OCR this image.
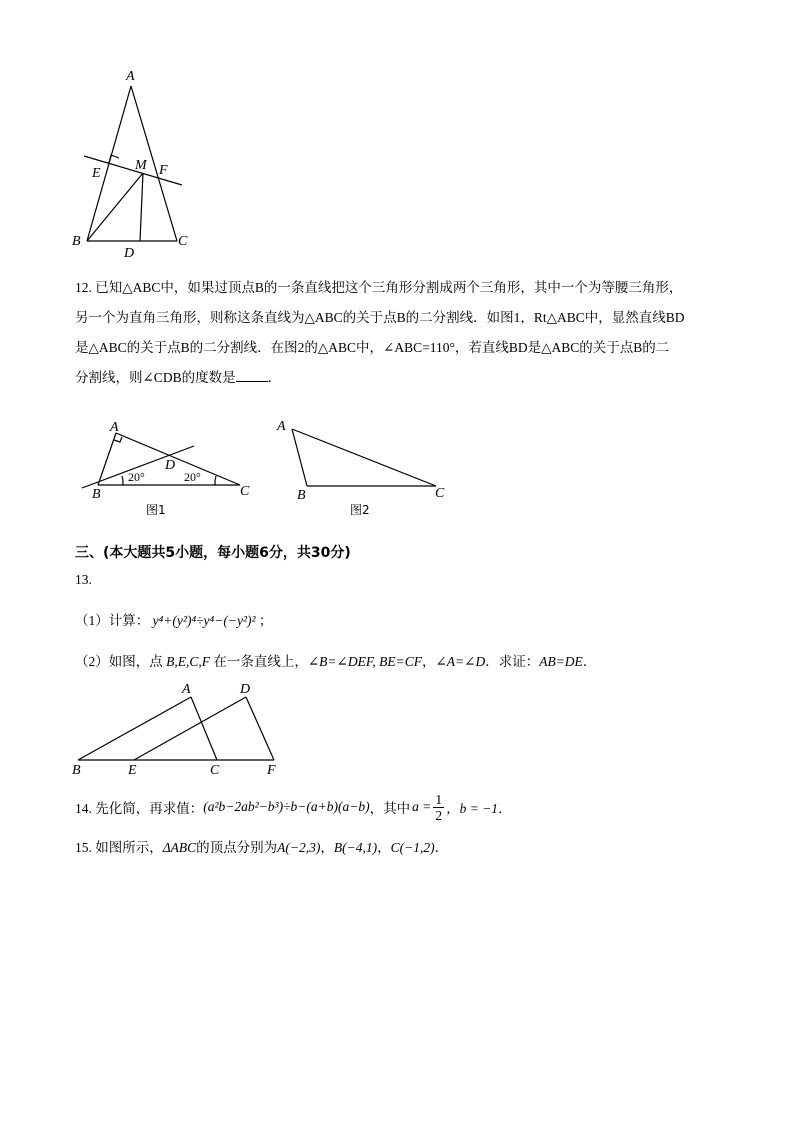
A
E
M F
B
D
C
12. 已知△ABC中，如果过顶点B的一条直线把这个三角形分割成两个三角形，其中一个为等腰三角形，
另一个为直角三角形，则称这条直线为△ABC的关于点B的二分割线．如图1，Rt△ABC中，显然直线BD
是△ABC的关于点B的二分割线．在图2的△ABC中，∠ABC=110°，若直线BD是△ABC的关于点B的二
分割线，则∠CDB的度数是 ．
A
D
B	C
20°	20°
图1
A
B	C
图2
三、(本大题共5小题，每小题6分，共30分)
13.
（1）计算： y⁴+(y²)⁴÷y⁴−(−y²)² ；
（2）如图，点 B,E,C,F 在一条直线上，∠B=∠DEF, BE=CF，∠A=∠D．求证：AB=DE．
A	D
B	E	C	F
14. 先化简，再求值： (a²b−2ab²−b³)÷b−(a+b)(a−b) ，其中 $a = \frac{1}{2}$ ，b = −1．
15. 如图所示，ΔABC的顶点分别为A(−2,3)，B(−4,1)，C(−1,2)．
